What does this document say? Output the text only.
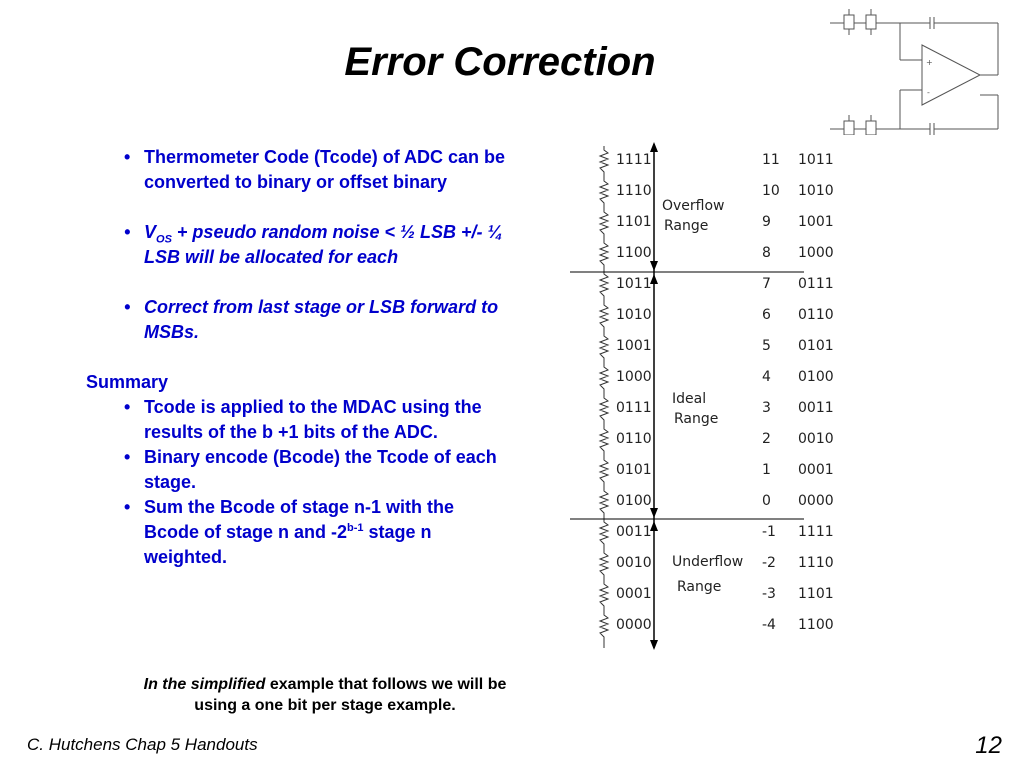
Error Correction	+
-
• Thermometer Code (Tcode) of ADC can be converted to binary or offset binary
• $V_{OS}$ + pseudo random noise < ½ LSB +/- ¼ LSB will be allocated for each
• Correct from last stage or LSB forward to MSBs.
Summary
• Tcode is applied to the MDAC using the results of the b +1 bits of the ADC.
• Binary encode (Bcode) the Tcode of each stage.
• Sum the Bcode of stage n-1 with the Bcode of stage n and -2$^{b-1}$ stage n weighted.
In the simplified example that follows we will be using a one bit per stage example.
1111	11 1011
1110	10 1010
1101	9 1001
1100	8 1000
1011	7 0111
1010	6 0110
1001	5 0101
1000	4 0100
0111	3 0011
0110	2 0010
0101	1 0001
0100	0 0000
0011	-1 1111
0010	-2 1110
0001	-3 1101
0000	-4 1100
Overflow
Range
Ideal
Range
Underflow
Range
C. Hutchens Chap 5 Handouts	12
